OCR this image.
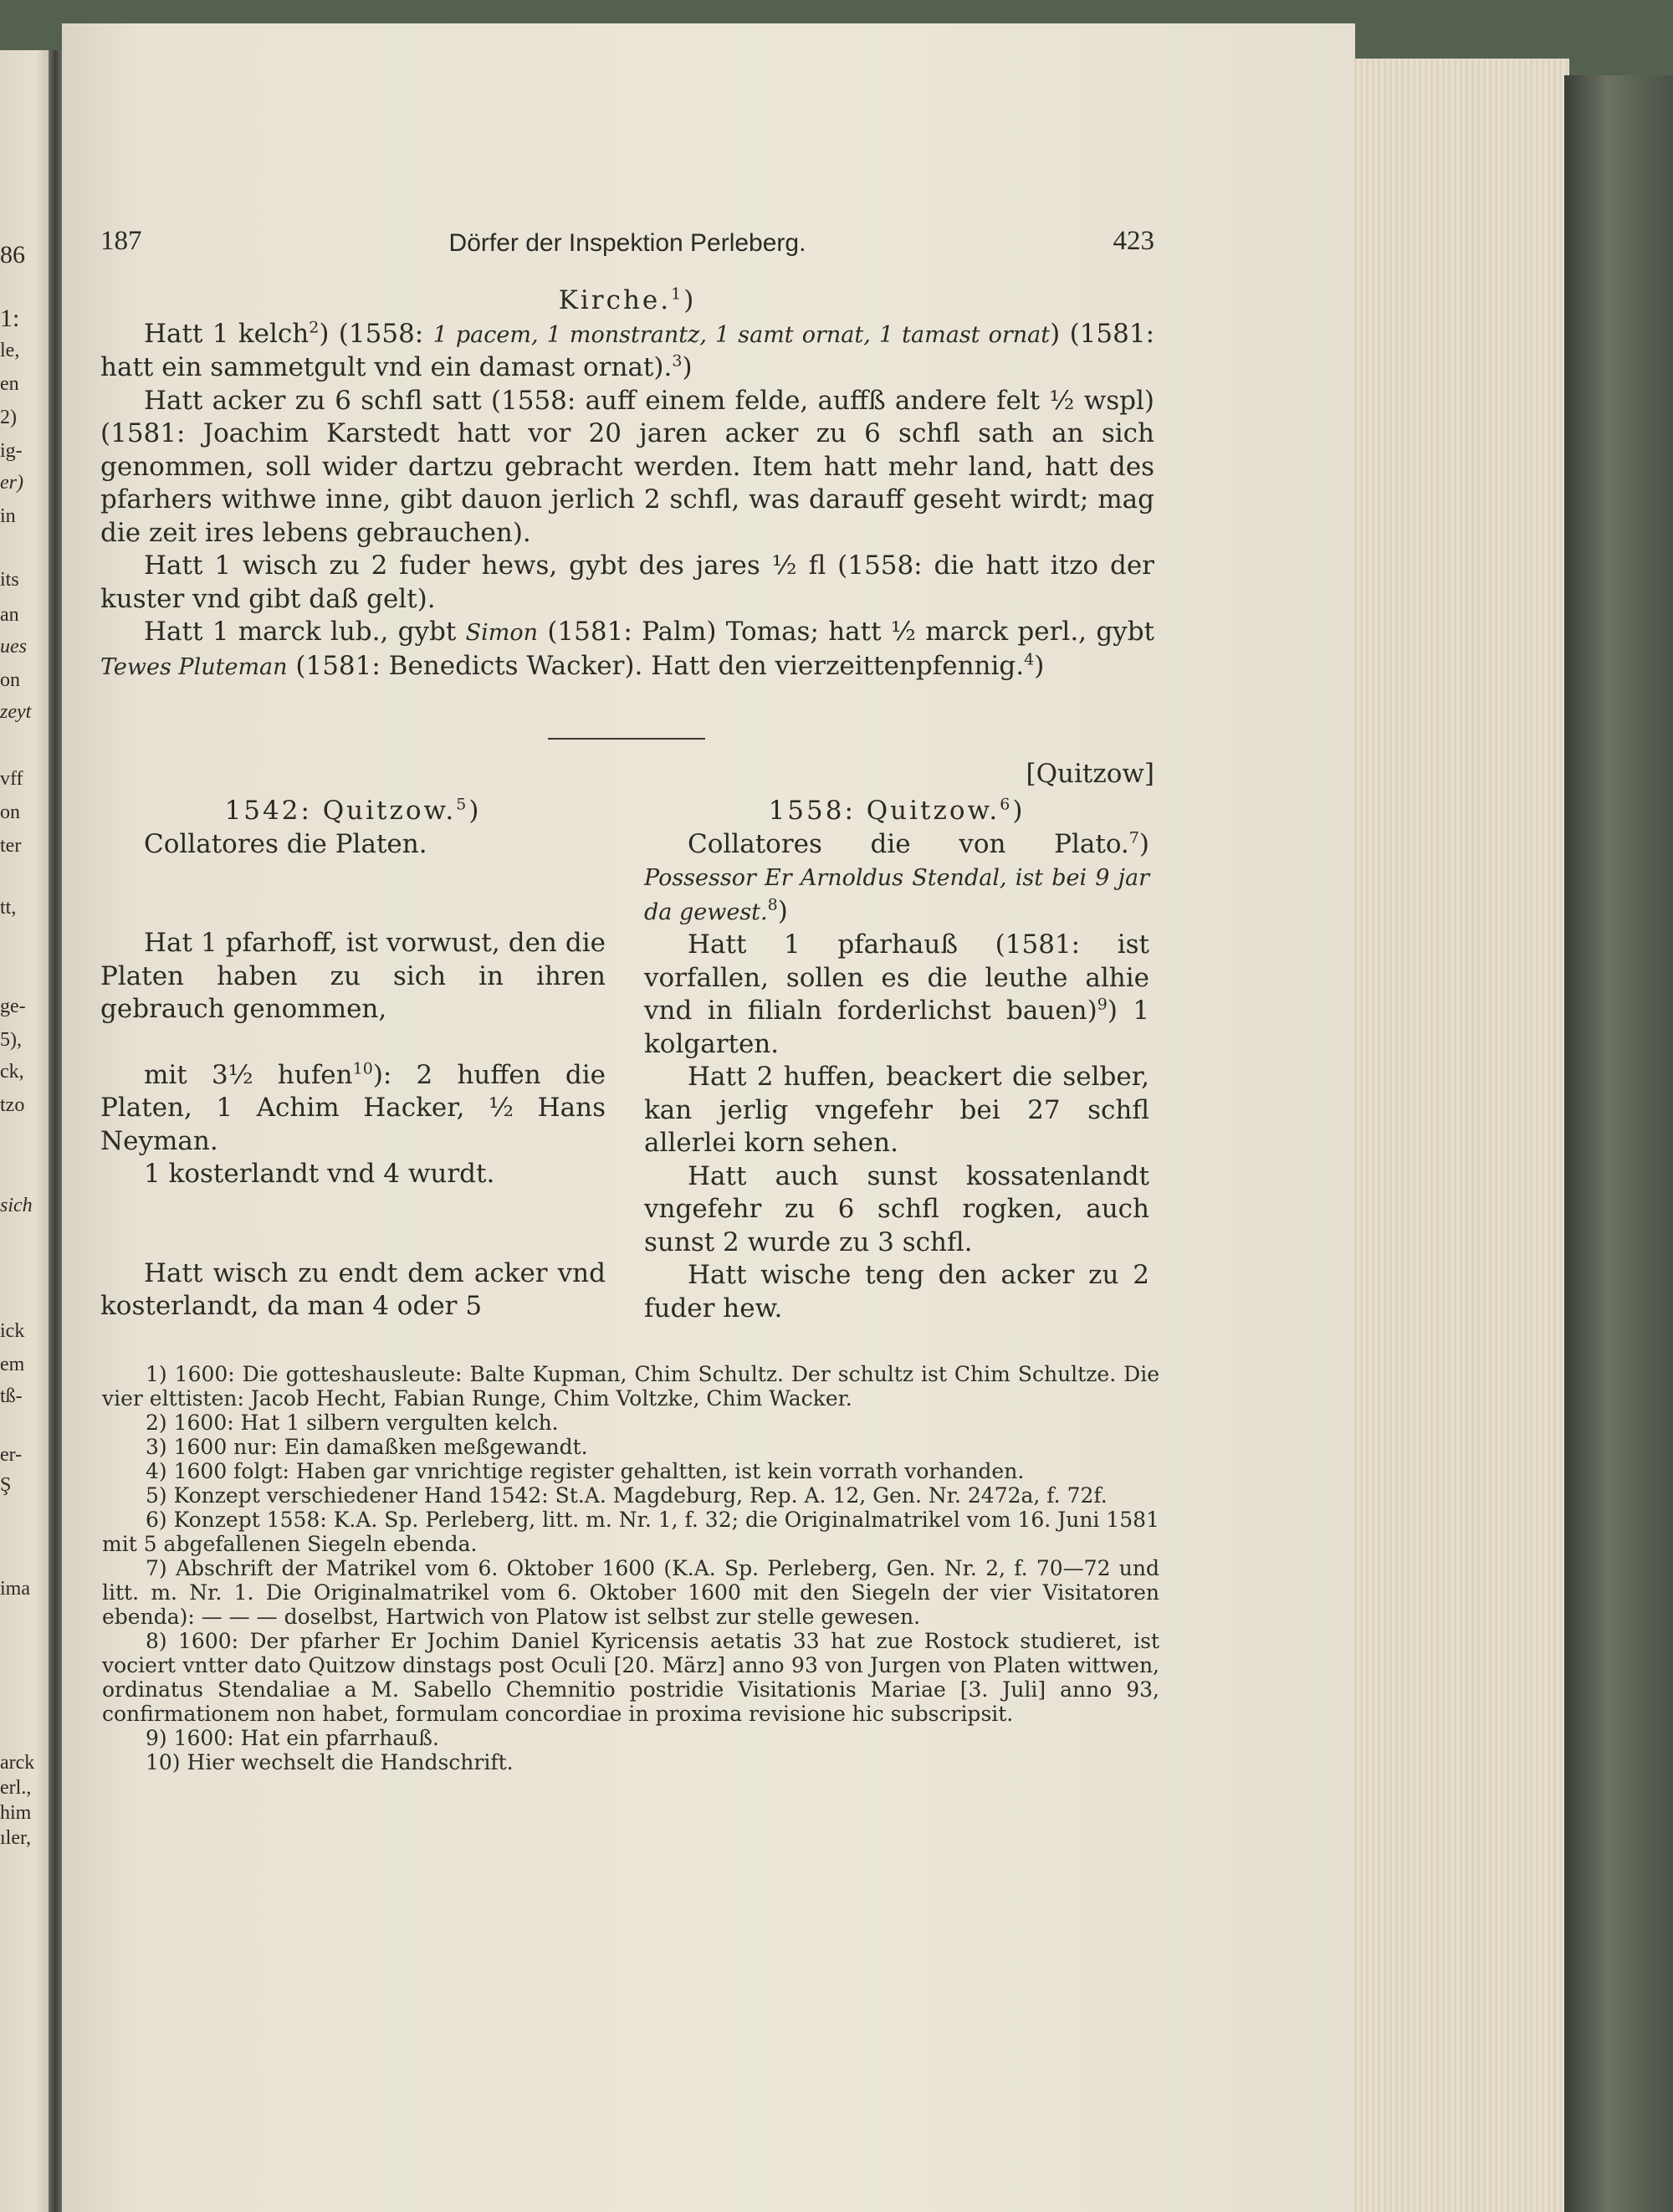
86
1:
le,
en
2)
ig-
er)
in
its
an
ues
on
zeyt
vff
on
ter
tt,
ge-
5),
ck,
tzo
sich
ick
em
tß-
er-
Ş
ima
arck
erl.,
him
ıler,
187	Dörfer der Inspektion Perleberg.	423

Kirche.$^1$)

Hatt 1 kelch$^2$) (1558: 1 pacem, 1 monstrantz, 1 samt ornat, 1 tamast ornat) (1581: hatt ein sammetgult vnd ein damast ornat).$^3$)

Hatt acker zu 6 schfl satt (1558: auff einem felde, auffß andere felt ½ wspl) (1581: Joachim Karstedt hatt vor 20 jaren acker zu 6 schfl sath an sich genommen, soll wider dartzu gebracht werden. Item hatt mehr land, hatt des pfarhers withwe inne, gibt dauon jerlich 2 schfl, was darauff geseht wirdt; mag die zeit ires lebens gebrauchen).

Hatt 1 wisch zu 2 fuder hews, gybt des jares ½ fl (1558: die hatt itzo der kuster vnd gibt daß gelt).

Hatt 1 marck lub., gybt Simon (1581: Palm) Tomas; hatt ½ marck perl., gybt Tewes Pluteman (1581: Benedicts Wacker). Hatt den vierzeittenpfennig.$^4$)

[Quitzow]

1542: Quitzow.$^5$)

Collatores die Platen.

Hat 1 pfarhoff, ist vorwust, den die Platen haben zu sich in ihren gebrauch genommen,

mit 3½ hufen$^{10}$): 2 huffen die Platen, 1 Achim Hacker, ½ Hans Neyman.

1 kosterlandt vnd 4 wurdt.

Hatt wisch zu endt dem acker vnd kosterlandt, da man 4 oder 5

1558: Quitzow.$^6$)

Collatores die von Plato.$^7$) Possessor Er Arnoldus Stendal, ist bei 9 jar da gewest.$^8$)

Hatt 1 pfarhauß (1581: ist vorfallen, sollen es die leuthe alhie vnd in filialn forderlichst bauen)$^9$) 1 kolgarten.

Hatt 2 huffen, beackert die selber, kan jerlig vngefehr bei 27 schfl allerlei korn sehen.

Hatt auch sunst kossatenlandt vngefehr zu 6 schfl rogken, auch sunst 2 wurde zu 3 schfl.

Hatt wische teng den acker zu 2 fuder hew.

1) 1600: Die gotteshausleute: Balte Kupman, Chim Schultz. Der schultz ist Chim Schultze. Die vier elttisten: Jacob Hecht, Fabian Runge, Chim Voltzke, Chim Wacker.

2) 1600: Hat 1 silbern vergulten kelch.

3) 1600 nur: Ein damaßken meßgewandt.

4) 1600 folgt: Haben gar vnrichtige register gehaltten, ist kein vorrath vorhanden.

5) Konzept verschiedener Hand 1542: St.A. Magdeburg, Rep. A. 12, Gen. Nr. 2472a, f. 72f.

6) Konzept 1558: K.A. Sp. Perleberg, litt. m. Nr. 1, f. 32; die Originalmatrikel vom 16. Juni 1581 mit 5 abgefallenen Siegeln ebenda.

7) Abschrift der Matrikel vom 6. Oktober 1600 (K.A. Sp. Perleberg, Gen. Nr. 2, f. 70—72 und litt. m. Nr. 1. Die Originalmatrikel vom 6. Oktober 1600 mit den Siegeln der vier Visitatoren ebenda): — — — doselbst, Hartwich von Platow ist selbst zur stelle gewesen.

8) 1600: Der pfarher Er Jochim Daniel Kyricensis aetatis 33 hat zue Rostock studieret, ist vociert vntter dato Quitzow dinstags post Oculi [20. März] anno 93 von Jurgen von Platen wittwen, ordinatus Stendaliae a M. Sabello Chemnitio postridie Visitationis Mariae [3. Juli] anno 93, confirmationem non habet, formulam concordiae in proxima revisione hic subscripsit.

9) 1600: Hat ein pfarrhauß.

10) Hier wechselt die Handschrift.
